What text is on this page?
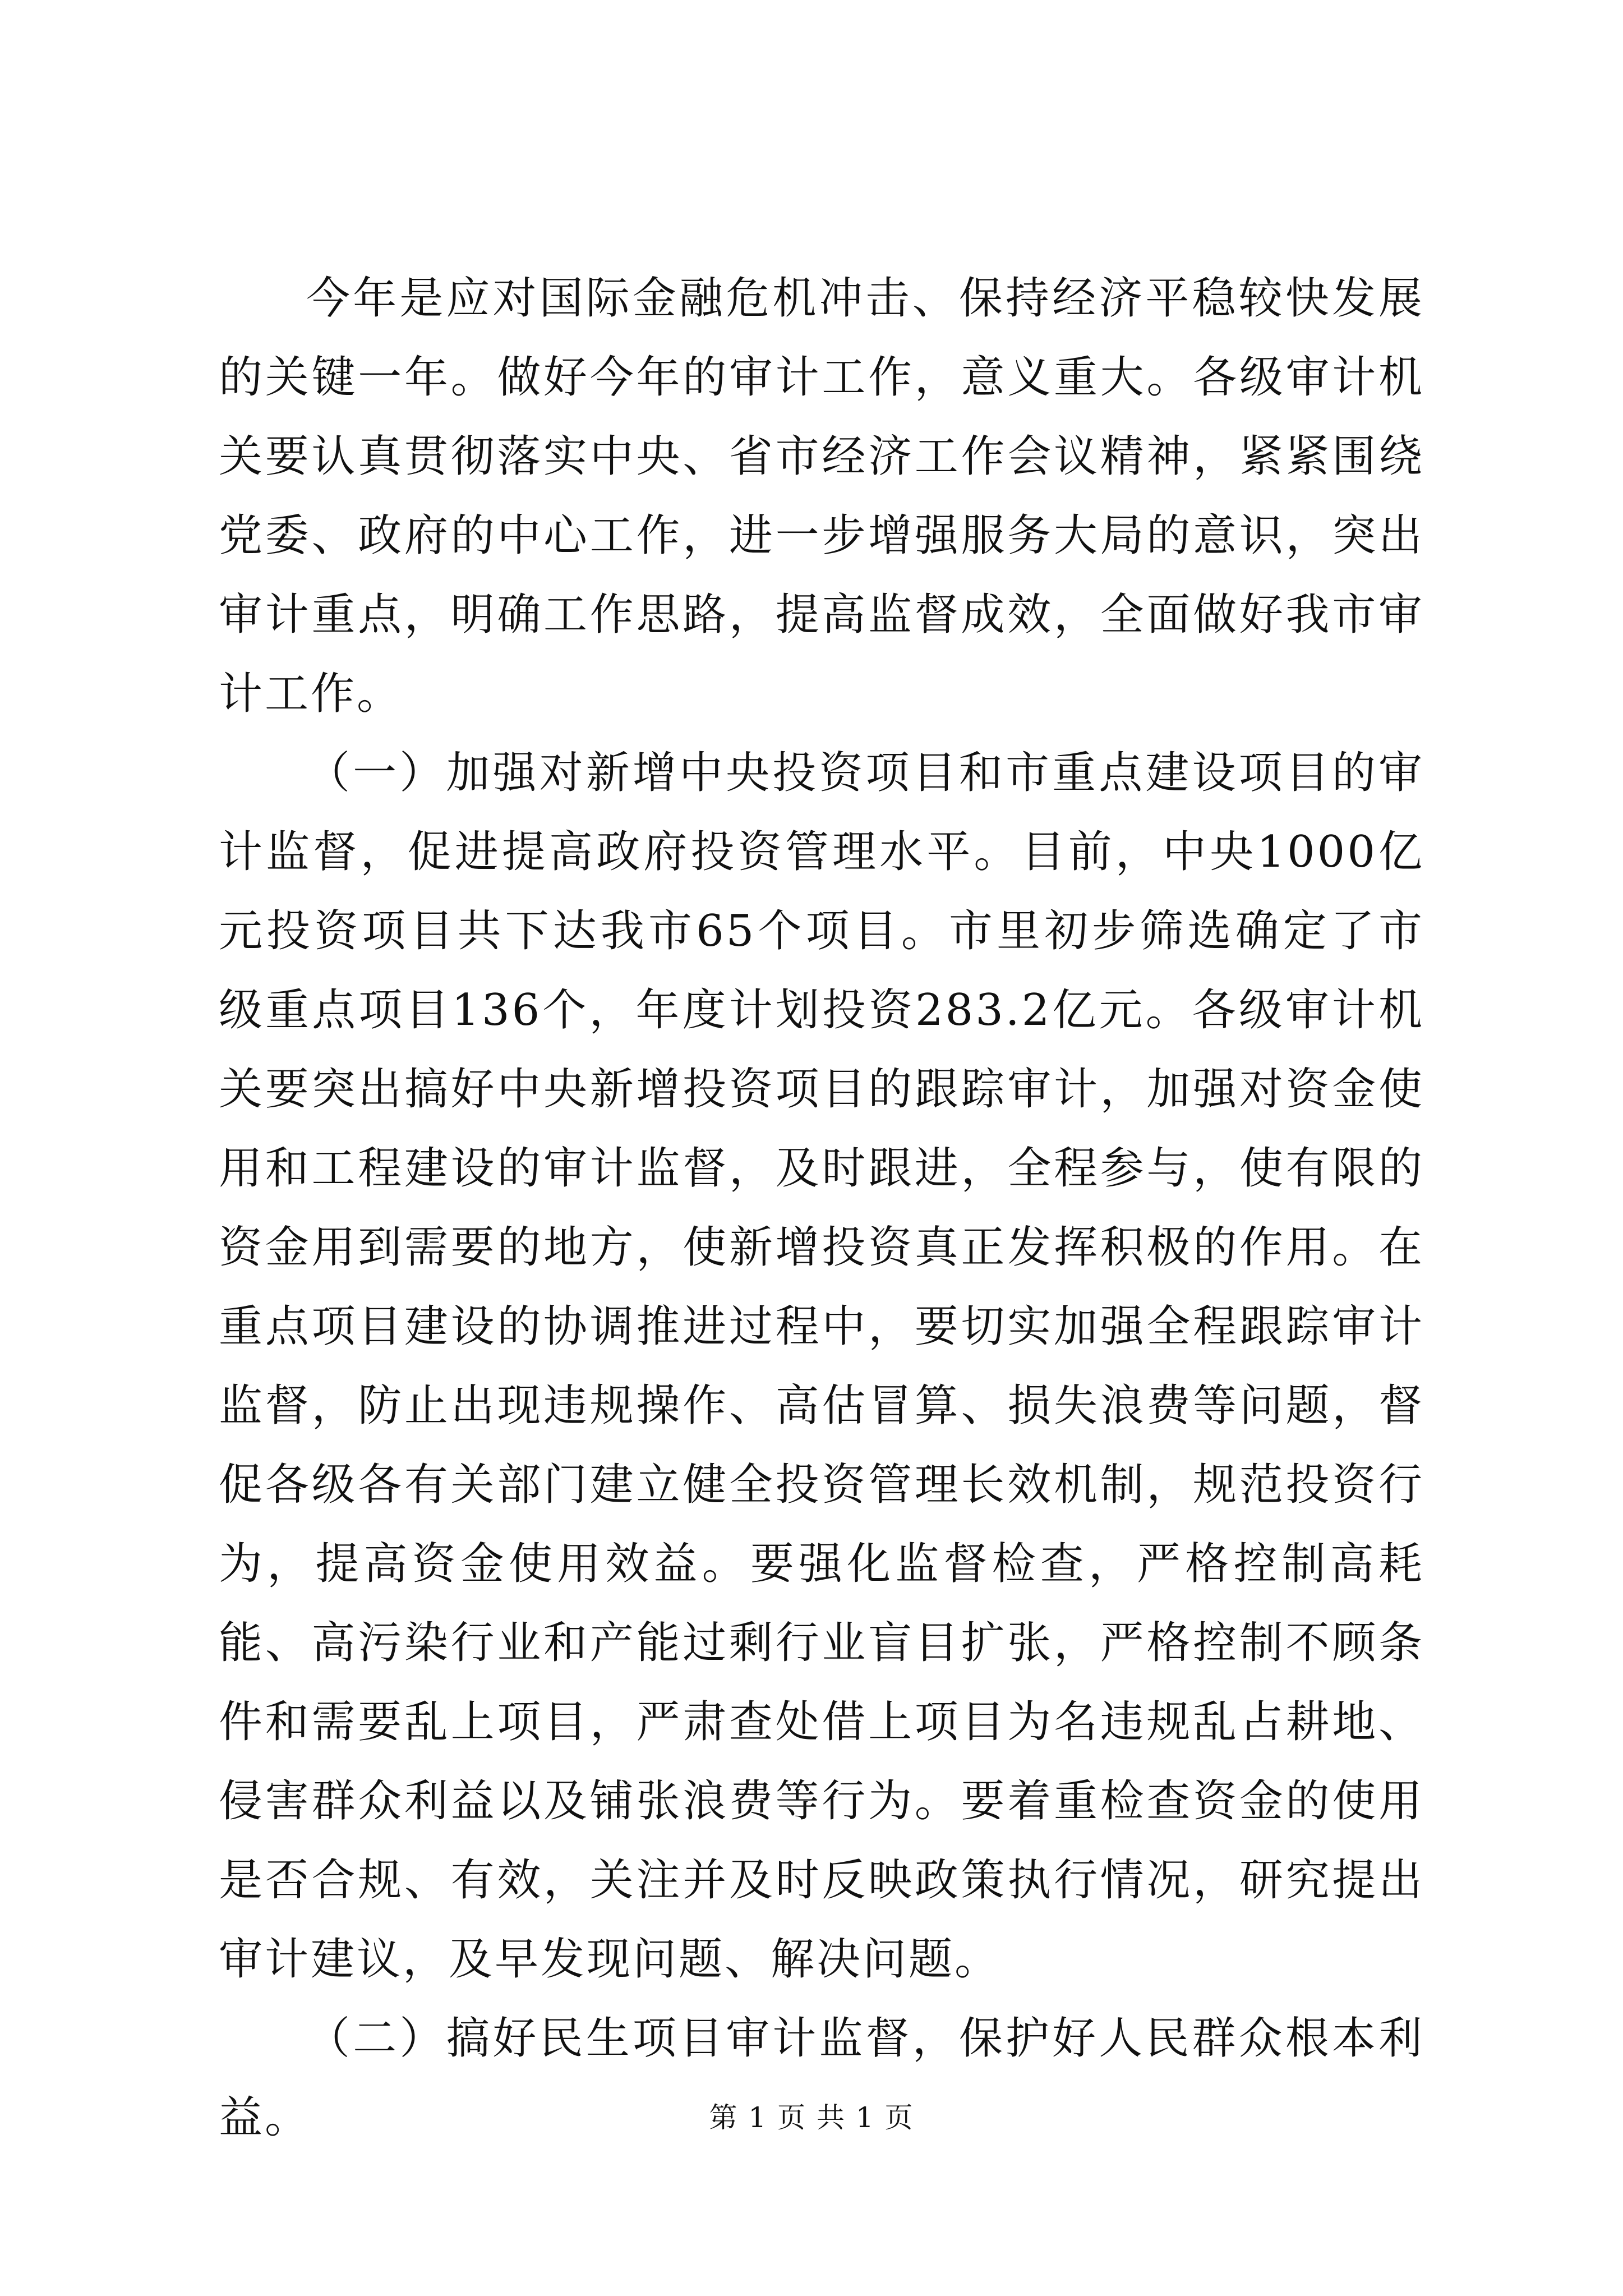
今年是应对国际金融危机冲击、保持经济平稳较快发展的关键一年。做好今年的审计工作，意义重大。各级审计机关要认真贯彻落实中央、省市经济工作会议精神，紧紧围绕党委、政府的中心工作，进一步增强服务大局的意识，突出审计重点，明确工作思路，提高监督成效，全面做好我市审计工作。

（一）加强对新增中央投资项目和市重点建设项目的审计监督，促进提高政府投资管理水平。目前，中央1000亿元投资项目共下达我市65个项目。市里初步筛选确定了市级重点项目136个，年度计划投资283.2亿元。各级审计机关要突出搞好中央新增投资项目的跟踪审计，加强对资金使用和工程建设的审计监督，及时跟进，全程参与，使有限的资金用到需要的地方，使新增投资真正发挥积极的作用。在重点项目建设的协调推进过程中，要切实加强全程跟踪审计监督，防止出现违规操作、高估冒算、损失浪费等问题，督促各级各有关部门建立健全投资管理长效机制，规范投资行为，提高资金使用效益。要强化监督检查，严格控制高耗能、高污染行业和产能过剩行业盲目扩张，严格控制不顾条件和需要乱上项目，严肃查处借上项目为名违规乱占耕地、侵害群众利益以及铺张浪费等行为。要着重检查资金的使用是否合规、有效，关注并及时反映政策执行情况，研究提出审计建议，及早发现问题、解决问题。

（二）搞好民生项目审计监督，保护好人民群众根本利益。	第 1 页 共 1 页
